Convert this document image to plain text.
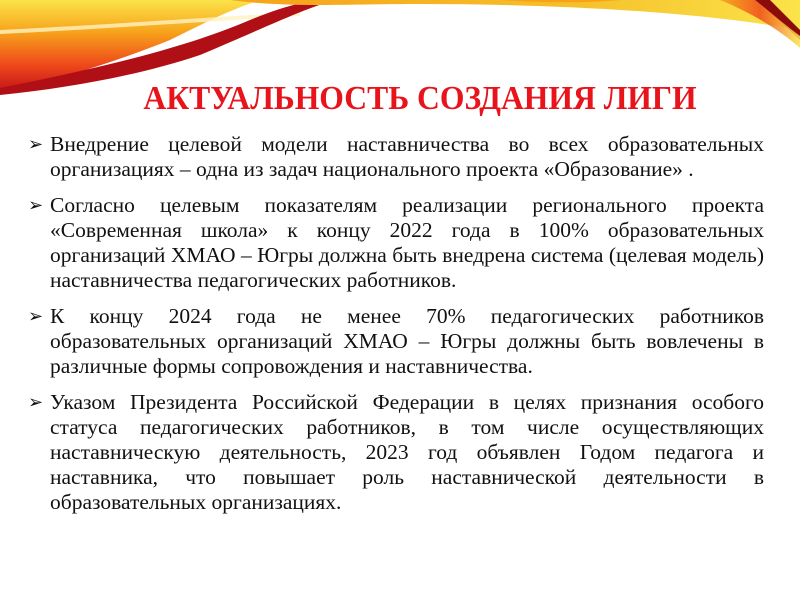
АКТУАЛЬНОСТЬ СОЗДАНИЯ ЛИГИ
➢ Внедрение целевой модели наставничества во всех образовательных организациях – одна из задач национального проекта «Образование» .
➢ Согласно целевым показателям реализации регионального проекта «Современная школа» к концу 2022 года в 100% образовательных организаций ХМАО – Югры должна быть внедрена система (целевая модель) наставничества педагогических работников.
➢ К концу 2024 года не менее 70% педагогических работников образовательных организаций ХМАО – Югры должны быть вовлечены в различные формы сопровождения и наставничества.
➢ Указом Президента Российской Федерации в целях признания особого статуса педагогических работников, в том числе осуществляющих наставническую деятельность, 2023 год объявлен Годом педагога и наставника, что повышает роль наставнической деятельности в образовательных организациях.
